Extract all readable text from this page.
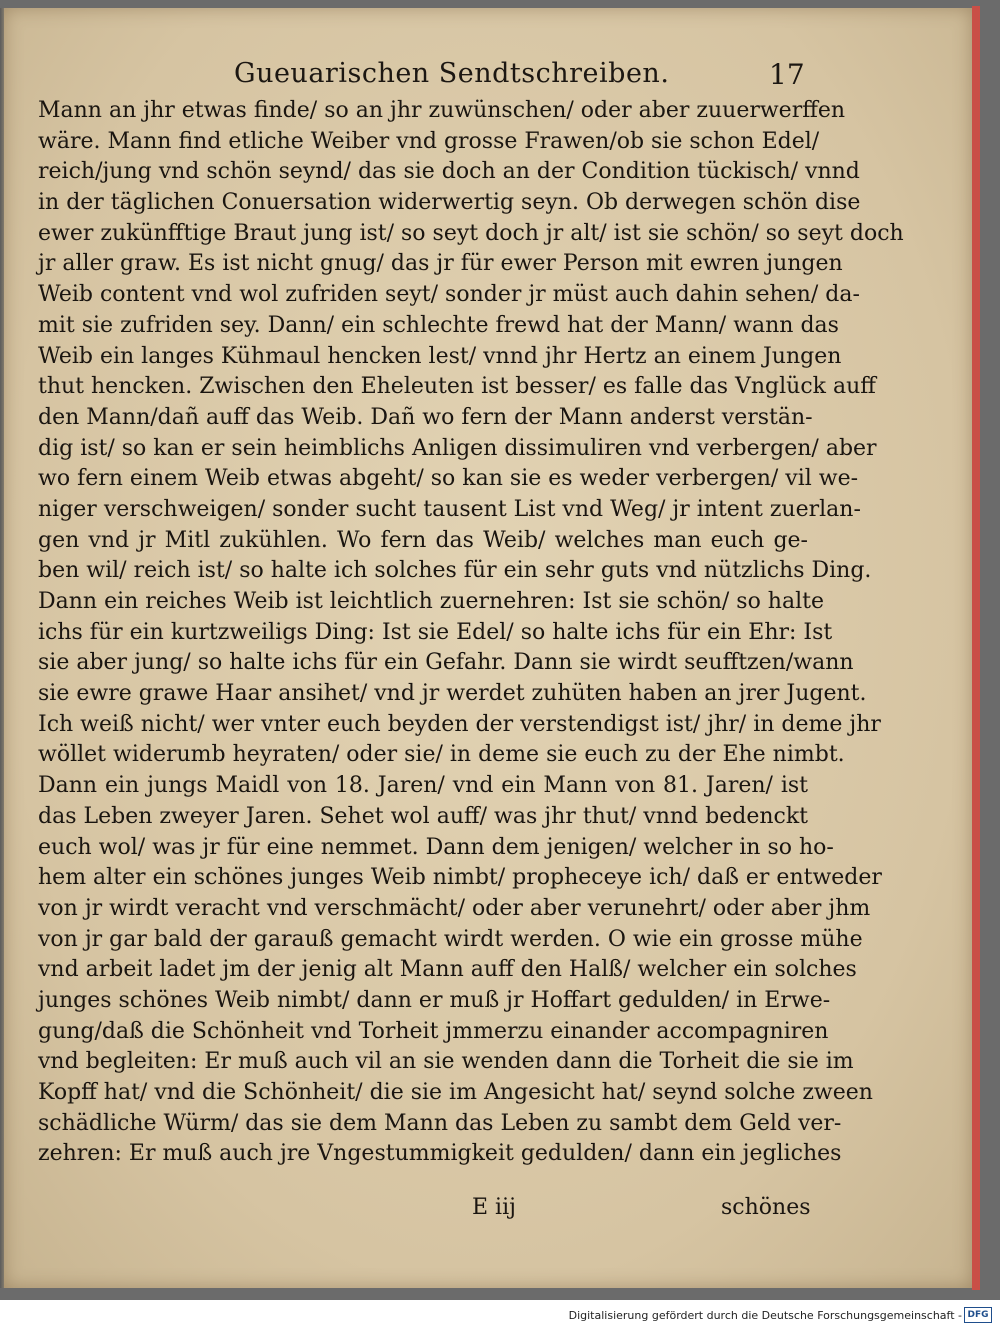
Gueuarischen Sendtschreiben.	17
Mann an jhr etwas finde/ so an jhr zuwünschen/ oder aber zuuerwerffen
wäre. Mann find etliche Weiber vnd grosse Frawen/ob sie schon Edel/
reich/jung vnd schön seynd/ das sie doch an der Condition tückisch/ vnnd
in der täglichen Conuersation widerwertig seyn. Ob derwegen schön dise
ewer zukünfftige Braut jung ist/ so seyt doch jr alt/ ist sie schön/ so seyt doch
jr aller graw. Es ist nicht gnug/ das jr für ewer Person mit ewren jungen
Weib content vnd wol zufriden seyt/ sonder jr müst auch dahin sehen/ da-
mit sie zufriden sey. Dann/ ein schlechte frewd hat der Mann/ wann das
Weib ein langes Kühmaul hencken lest/ vnnd jhr Hertz an einem Jungen
thut hencken. Zwischen den Eheleuten ist besser/ es falle das Vnglück auff
den Mann/dañ auff das Weib. Dañ wo fern der Mann anderst verstän-
dig ist/ so kan er sein heimblichs Anligen dissimuliren vnd verbergen/ aber
wo fern einem Weib etwas abgeht/ so kan sie es weder verbergen/ vil we-
niger verschweigen/ sonder sucht tausent List vnd Weg/ jr intent zuerlan-
gen vnd jr Mitl zukühlen. Wo fern das Weib/ welches man euch ge-
ben wil/ reich ist/ so halte ich solches für ein sehr guts vnd nützlichs Ding.
Dann ein reiches Weib ist leichtlich zuernehren: Ist sie schön/ so halte
ichs für ein kurtzweiligs Ding: Ist sie Edel/ so halte ichs für ein Ehr: Ist
sie aber jung/ so halte ichs für ein Gefahr. Dann sie wirdt seufftzen/wann
sie ewre grawe Haar ansihet/ vnd jr werdet zuhüten haben an jrer Jugent.
Ich weiß nicht/ wer vnter euch beyden der verstendigst ist/ jhr/ in deme jhr
wöllet widerumb heyraten/ oder sie/ in deme sie euch zu der Ehe nimbt.
Dann ein jungs Maidl von 18. Jaren/ vnd ein Mann von 81. Jaren/ ist
das Leben zweyer Jaren. Sehet wol auff/ was jhr thut/ vnnd bedenckt
euch wol/ was jr für eine nemmet. Dann dem jenigen/ welcher in so ho-
hem alter ein schönes junges Weib nimbt/ propheceye ich/ daß er entweder
von jr wirdt veracht vnd verschmächt/ oder aber verunehrt/ oder aber jhm
von jr gar bald der garauß gemacht wirdt werden. O wie ein grosse mühe
vnd arbeit ladet jm der jenig alt Mann auff den Halß/ welcher ein solches
junges schönes Weib nimbt/ dann er muß jr Hoffart gedulden/ in Erwe-
gung/daß die Schönheit vnd Torheit jmmerzu einander accompagniren
vnd begleiten: Er muß auch vil an sie wenden dann die Torheit die sie im
Kopff hat/ vnd die Schönheit/ die sie im Angesicht hat/ seynd solche zween
schädliche Würm/ das sie dem Mann das Leben zu sambt dem Geld ver-
zehren: Er muß auch jre Vngestummigkeit gedulden/ dann ein jegliches
E iij	schönes
Digitalisierung gefördert durch die Deutsche Forschungsgemeinschaft - DFG
